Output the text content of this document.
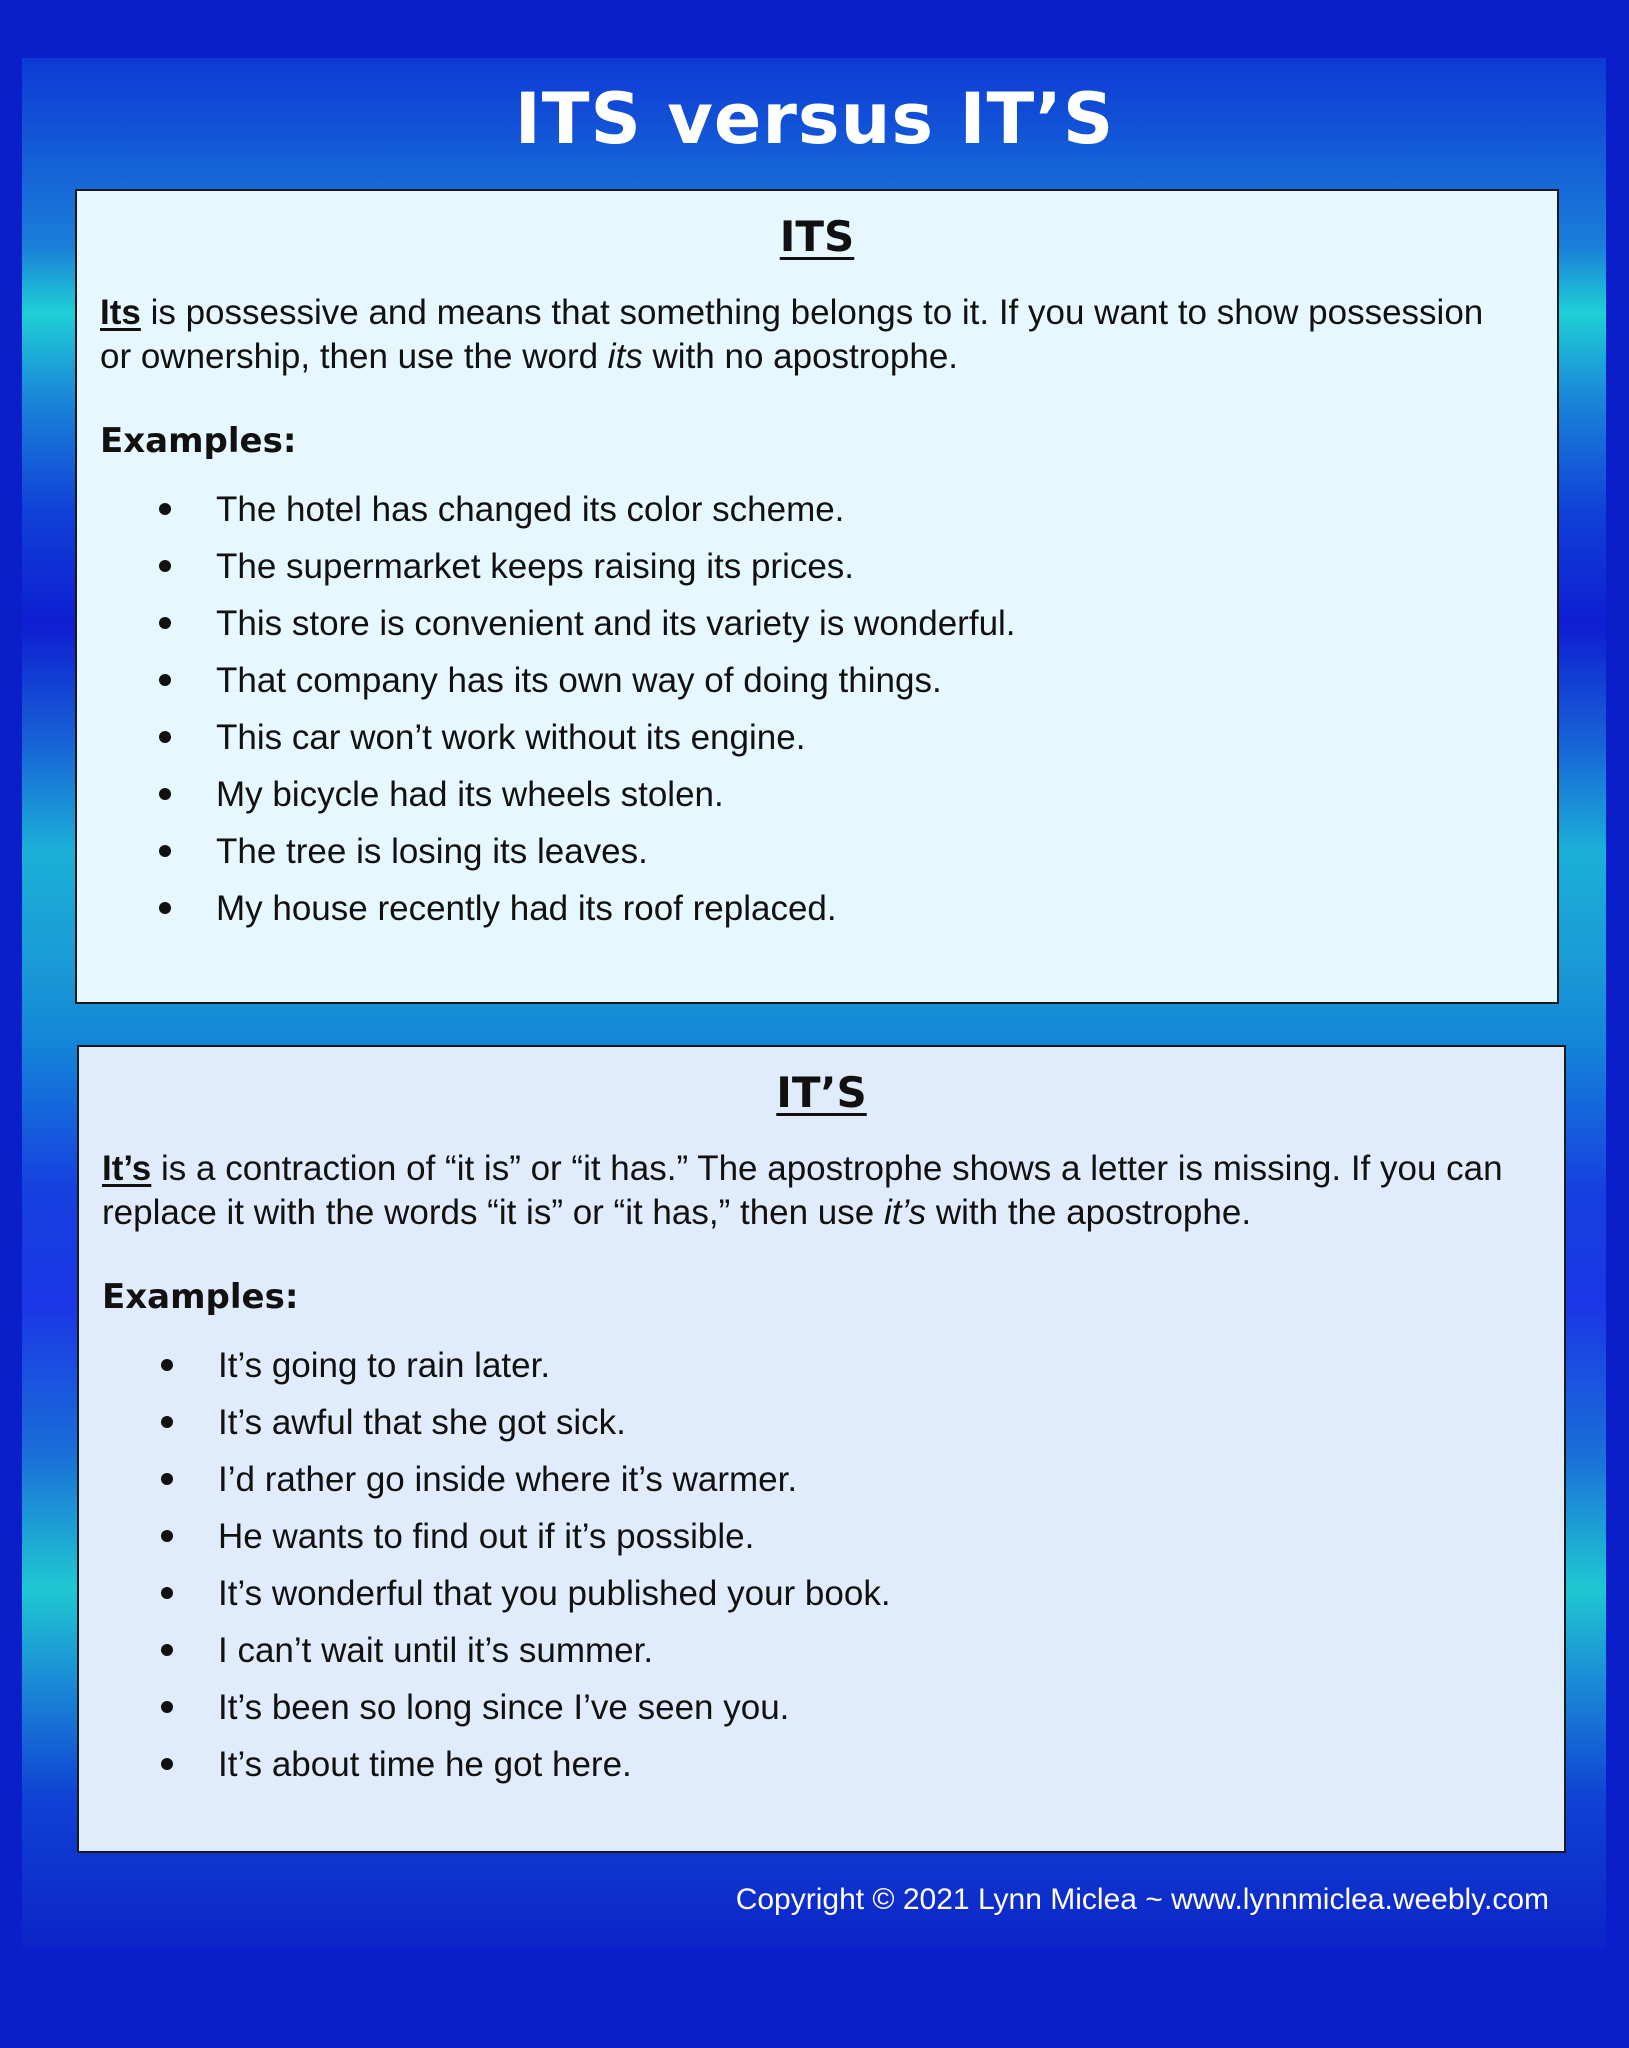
ITS versus IT’S
ITS
Its is possessive and means that something belongs to it. If you want to show possession or ownership, then use the word its with no apostrophe.
Examples:
The hotel has changed its color scheme.
The supermarket keeps raising its prices.
This store is convenient and its variety is wonderful.
That company has its own way of doing things.
This car won’t work without its engine.
My bicycle had its wheels stolen.
The tree is losing its leaves.
My house recently had its roof replaced.
IT’S
It’s is a contraction of “it is” or “it has.” The apostrophe shows a letter is missing. If you can replace it with the words “it is” or “it has,” then use it’s with the apostrophe.
Examples:
It’s going to rain later.
It’s awful that she got sick.
I’d rather go inside where it’s warmer.
He wants to find out if it’s possible.
It’s wonderful that you published your book.
I can’t wait until it’s summer.
It’s been so long since I’ve seen you.
It’s about time he got here.
Copyright © 2021 Lynn Miclea ~ www.lynnmiclea.weebly.com
